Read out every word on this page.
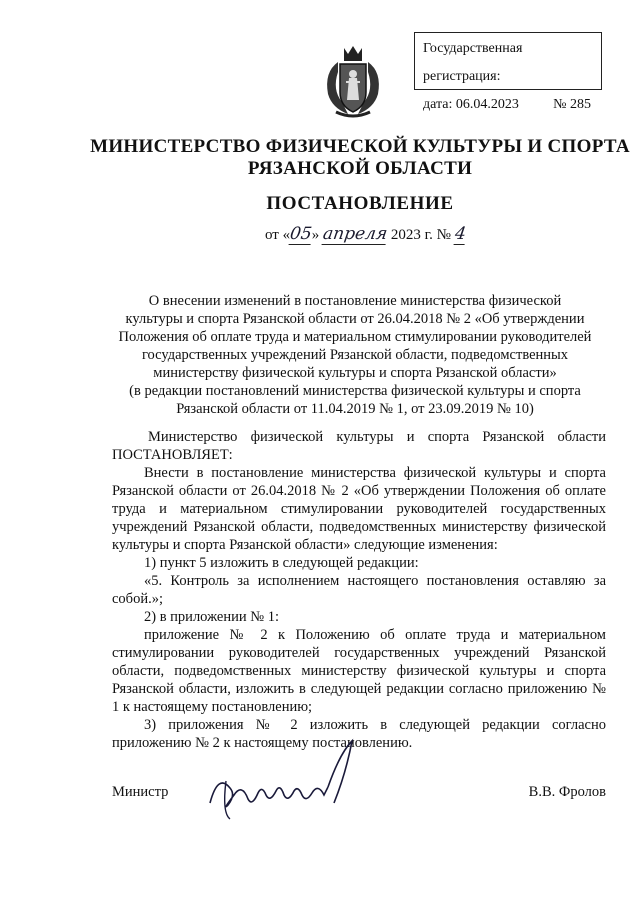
Государственная регистрация:
дата: 06.04.2023 № 285
МИНИСТЕРСТВО ФИЗИЧЕСКОЙ КУЛЬТУРЫ И СПОРТА
РЯЗАНСКОЙ ОБЛАСТИ
ПОСТАНОВЛЕНИЕ
от «05» апреля 2023 г. № 4
О внесении изменений в постановление министерства физической
культуры и спорта Рязанской области от 26.04.2018 № 2 «Об утверждении
Положения об оплате труда и материальном стимулировании руководителей
государственных учреждений Рязанской области, подведомственных
министерству физической культуры и спорта Рязанской области»
(в редакции постановлений министерства физической культуры и спорта
Рязанской области от 11.04.2019 № 1, от 23.09.2019 № 10)

Министерство физической культуры и спорта Рязанской области ПОСТАНОВЛЯЕТ:

Внести в постановление министерства физической культуры и спорта Рязанской области от 26.04.2018 № 2 «Об утверждении Положения об оплате труда и материальном стимулировании руководителей государственных учреждений Рязанской области, подведомственных министерству физической культуры и спорта Рязанской области» следующие изменения:

1) пункт 5 изложить в следующей редакции:

«5. Контроль за исполнением настоящего постановления оставляю за собой.»;

2) в приложении № 1:

приложение № 2 к Положению об оплате труда и материальном стимулировании руководителей государственных учреждений Рязанской области, подведомственных министерству физической культуры и спорта Рязанской области, изложить в следующей редакции согласно приложению № 1 к настоящему постановлению;

3) приложения № 2 изложить в следующей редакции согласно приложению № 2 к настоящему постановлению.

Министр	В.В. Фролов
